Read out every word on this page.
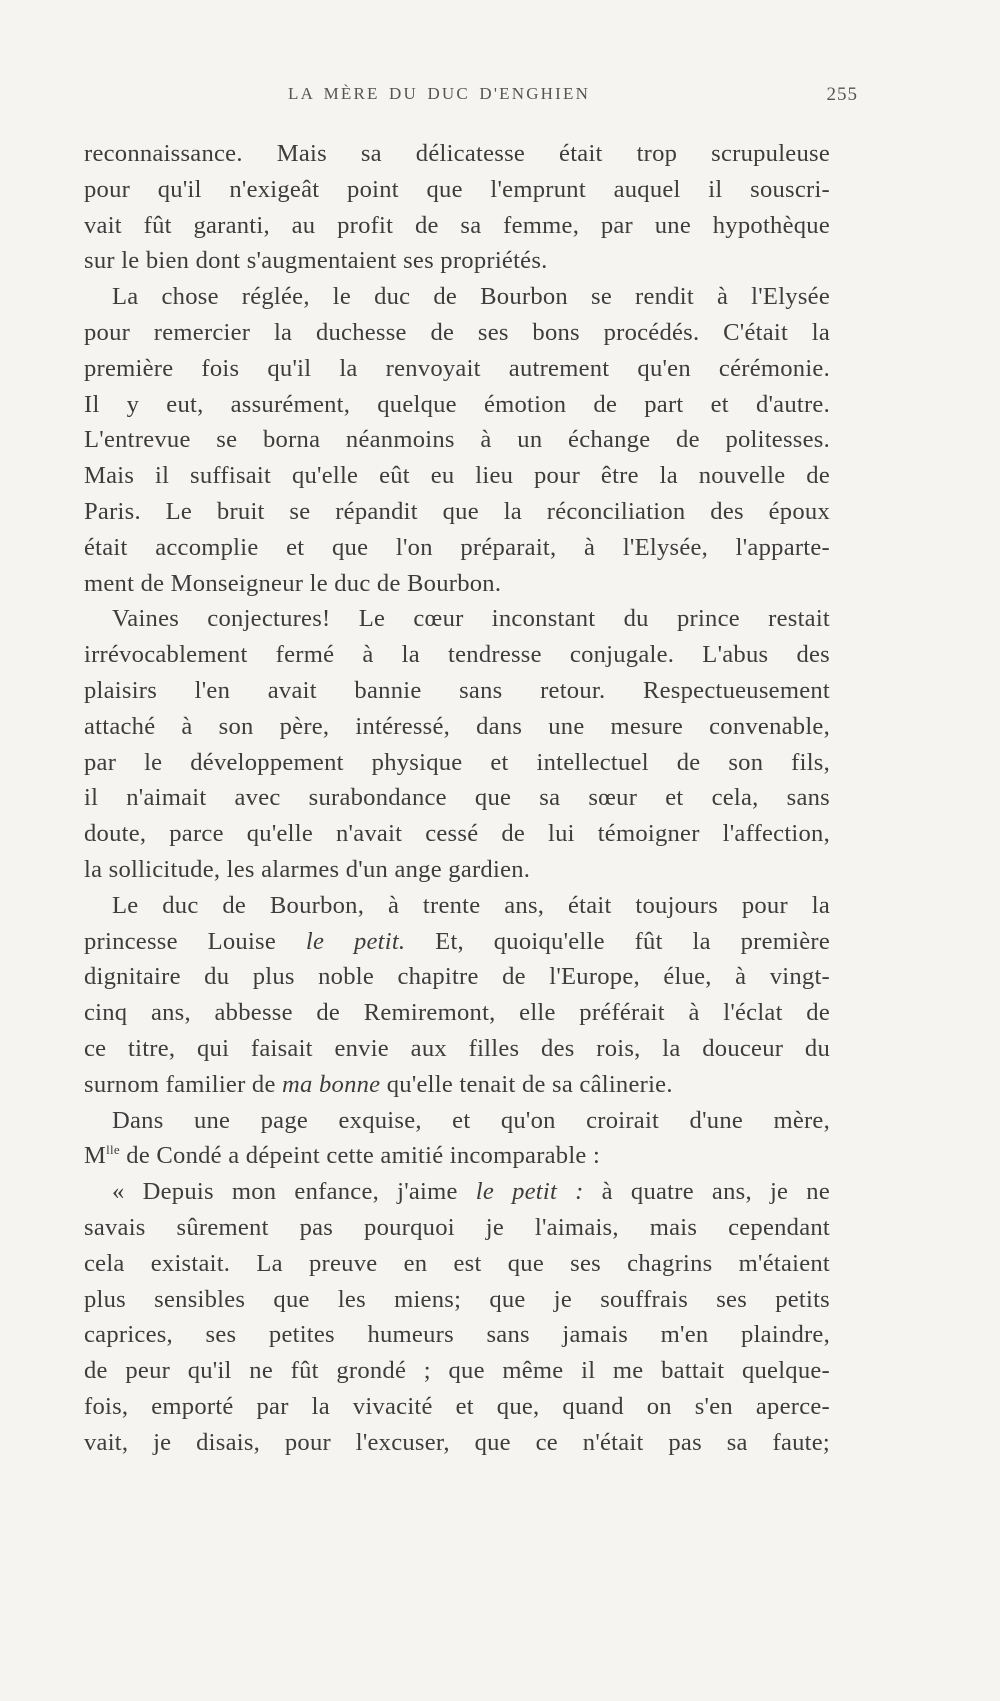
LA MÈRE DU DUC D'ENGHIEN	255
reconnaissance. Mais sa délicatesse était trop scrupuleuse
pour qu'il n'exigeât point que l'emprunt auquel il souscri-
vait fût garanti, au profit de sa femme, par une hypothèque
sur le bien dont s'augmentaient ses propriétés.
La chose réglée, le duc de Bourbon se rendit à l'Elysée
pour remercier la duchesse de ses bons procédés. C'était la
première fois qu'il la renvoyait autrement qu'en cérémonie.
Il y eut, assurément, quelque émotion de part et d'autre.
L'entrevue se borna néanmoins à un échange de politesses.
Mais il suffisait qu'elle eût eu lieu pour être la nouvelle de
Paris. Le bruit se répandit que la réconciliation des époux
était accomplie et que l'on préparait, à l'Elysée, l'apparte-
ment de Monseigneur le duc de Bourbon.
Vaines conjectures! Le cœur inconstant du prince restait
irrévocablement fermé à la tendresse conjugale. L'abus des
plaisirs l'en avait bannie sans retour. Respectueusement
attaché à son père, intéressé, dans une mesure convenable,
par le développement physique et intellectuel de son fils,
il n'aimait avec surabondance que sa sœur et cela, sans
doute, parce qu'elle n'avait cessé de lui témoigner l'affection,
la sollicitude, les alarmes d'un ange gardien.
Le duc de Bourbon, à trente ans, était toujours pour la
princesse Louise le petit. Et, quoiqu'elle fût la première
dignitaire du plus noble chapitre de l'Europe, élue, à vingt-
cinq ans, abbesse de Remiremont, elle préférait à l'éclat de
ce titre, qui faisait envie aux filles des rois, la douceur du
surnom familier de ma bonne qu'elle tenait de sa câlinerie.
Dans une page exquise, et qu'on croirait d'une mère,
$M^{lle}$ de Condé a dépeint cette amitié incomparable :
« Depuis mon enfance, j'aime le petit : à quatre ans, je ne
savais sûrement pas pourquoi je l'aimais, mais cependant
cela existait. La preuve en est que ses chagrins m'étaient
plus sensibles que les miens; que je souffrais ses petits
caprices, ses petites humeurs sans jamais m'en plaindre,
de peur qu'il ne fût grondé ; que même il me battait quelque-
fois, emporté par la vivacité et que, quand on s'en aperce-
vait, je disais, pour l'excuser, que ce n'était pas sa faute;
